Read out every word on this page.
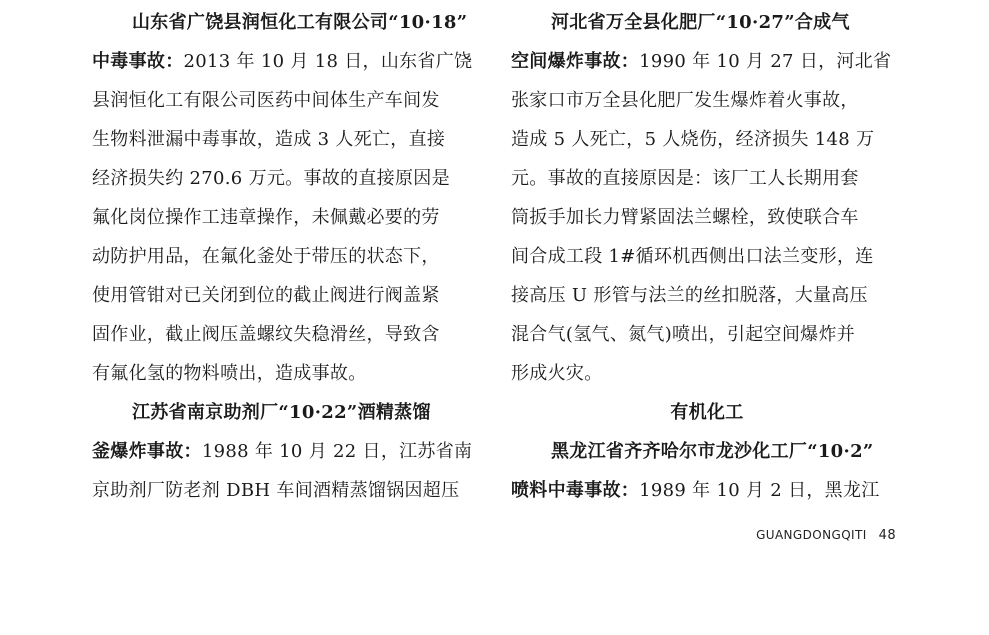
山东省广饶县润恒化工有限公司“10·18”
中毒事故：2013 年 10 月 18 日，山东省广饶
县润恒化工有限公司医药中间体生产车间发
生物料泄漏中毒事故，造成 3 人死亡，直接
经济损失约 270.6 万元。事故的直接原因是
氟化岗位操作工违章操作，未佩戴必要的劳
动防护用品，在氟化釜处于带压的状态下，
使用管钳对已关闭到位的截止阀进行阀盖紧
固作业，截止阀压盖螺纹失稳滑丝，导致含
有氟化氢的物料喷出，造成事故。
江苏省南京助剂厂“10·22”酒精蒸馏
釜爆炸事故：1988 年 10 月 22 日，江苏省南
京助剂厂防老剂 DBH 车间酒精蒸馏锅因超压
河北省万全县化肥厂“10·27”合成气
空间爆炸事故：1990 年 10 月 27 日，河北省
张家口市万全县化肥厂发生爆炸着火事故，
造成 5 人死亡，5 人烧伤，经济损失 148 万
元。事故的直接原因是：该厂工人长期用套
筒扳手加长力臂紧固法兰螺栓，致使联合车
间合成工段 1#循环机西侧出口法兰变形，连
接高压 U 形管与法兰的丝扣脱落，大量高压
混合气(氢气、氮气)喷出，引起空间爆炸并
形成火灾。
有机化工
黑龙江省齐齐哈尔市龙沙化工厂“10·2”
喷料中毒事故：1989 年 10 月 2 日，黑龙江
GUANGDONGQITI 48
